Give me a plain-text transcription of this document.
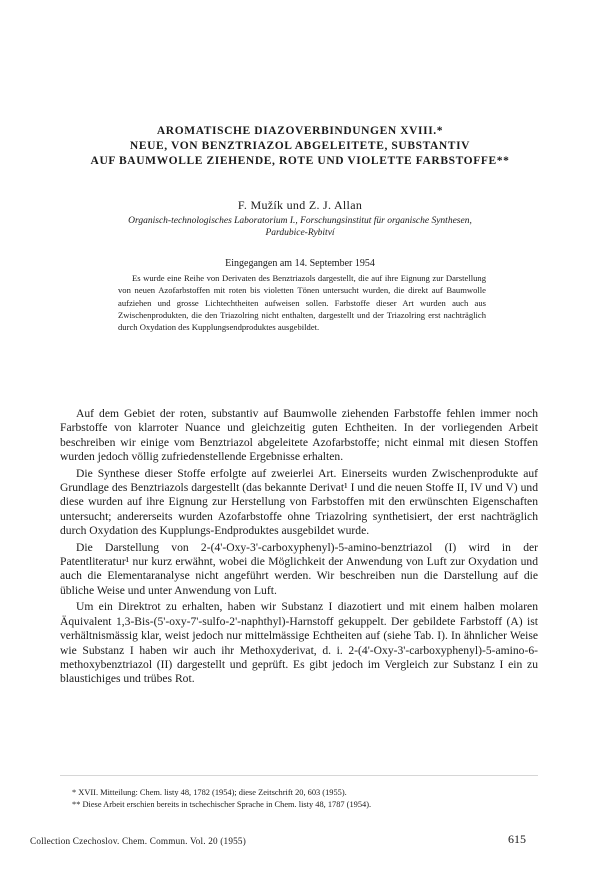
AROMATISCHE DIAZOVERBINDUNGEN XVIII.*
NEUE, VON BENZTRIAZOL ABGELEITETE, SUBSTANTIV
AUF BAUMWOLLE ZIEHENDE, ROTE UND VIOLETTE FARBSTOFFE**
F. Mužík und Z. J. Allan
Organisch-technologisches Laboratorium I., Forschungsinstitut für organische Synthesen,
Pardubice-Rybitví
Eingegangen am 14. September 1954

Es wurde eine Reihe von Derivaten des Benztriazols dargestellt, die auf ihre Eignung zur Darstellung von neuen Azofarbstoffen mit roten bis violetten Tönen untersucht wurden, die direkt auf Baumwolle aufziehen und grosse Lichtechtheiten aufweisen sollen. Farbstoffe dieser Art wurden auch aus Zwischenprodukten, die den Triazolring nicht enthalten, dargestellt und der Triazolring erst nachträglich durch Oxydation des Kupplungsendproduktes ausgebildet.

Auf dem Gebiet der roten, substantiv auf Baumwolle ziehenden Farbstoffe fehlen immer noch Farbstoffe von klarroter Nuance und gleichzeitig guten Echtheiten. In der vorliegenden Arbeit beschreiben wir einige vom Benztriazol abgeleitete Azofarbstoffe; nicht einmal mit diesen Stoffen wurden jedoch völlig zufriedenstellende Ergebnisse erhalten.

Die Synthese dieser Stoffe erfolgte auf zweierlei Art. Einerseits wurden Zwischenprodukte auf Grundlage des Benztriazols dargestellt (das bekannte Derivat¹ I und die neuen Stoffe II, IV und V) und diese wurden auf ihre Eignung zur Herstellung von Farbstoffen mit den erwünschten Eigenschaften untersucht; andererseits wurden Azofarbstoffe ohne Triazolring synthetisiert, der erst nachträglich durch Oxydation des Kupplungs-Endproduktes ausgebildet wurde.

Die Darstellung von 2-(4'-Oxy-3'-carboxyphenyl)-5-amino-benztriazol (I) wird in der Patentliteratur¹ nur kurz erwähnt, wobei die Möglichkeit der Anwendung von Luft zur Oxydation und auch die Elementaranalyse nicht angeführt werden. Wir beschreiben nun die Darstellung auf die übliche Weise und unter Anwendung von Luft.

Um ein Direktrot zu erhalten, haben wir Substanz I diazotiert und mit einem halben molaren Äquivalent 1,3-Bis-(5'-oxy-7'-sulfo-2'-naphthyl)-Harnstoff gekuppelt. Der gebildete Farbstoff (A) ist verhältnismässig klar, weist jedoch nur mittelmässige Echtheiten auf (siehe Tab. I). In ähnlicher Weise wie Substanz I haben wir auch ihr Methoxyderivat, d. i. 2-(4'-Oxy-3'-carboxyphenyl)-5-amino-6-methoxybenztriazol (II) dargestellt und geprüft. Es gibt jedoch im Vergleich zur Substanz I ein zu blaustichiges und trübes Rot.

* XVII. Mitteilung: Chem. listy 48, 1782 (1954); diese Zeitschrift 20, 603 (1955).
** Diese Arbeit erschien bereits in tschechischer Sprache in Chem. listy 48, 1787 (1954).
Collection Czechoslov. Chem. Commun. Vol. 20 (1955)	615
